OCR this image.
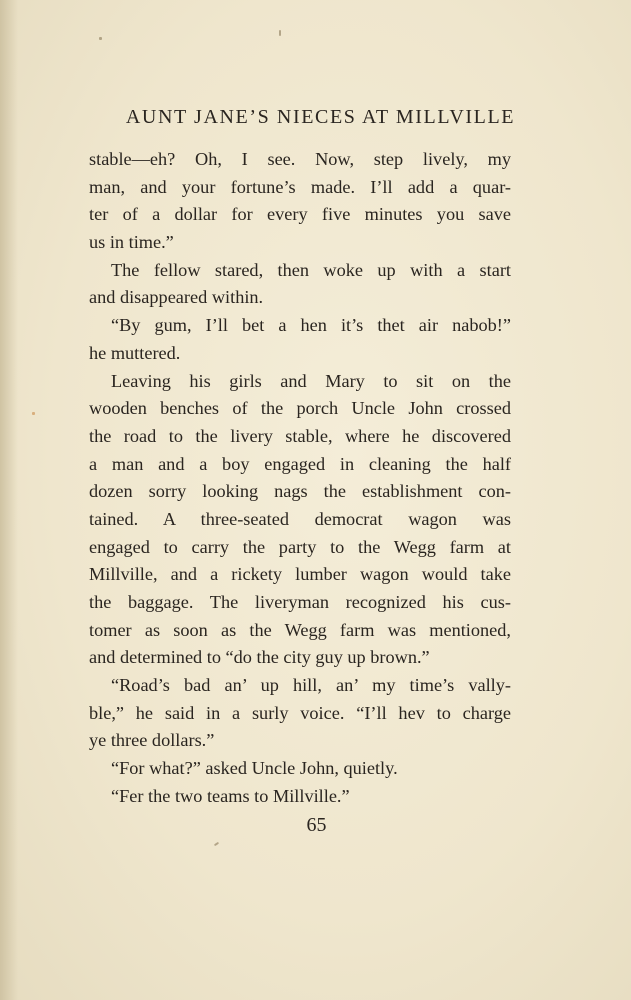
AUNT JANE’S NIECES AT MILLVILLE
stable—eh? Oh, I see. Now, step lively, my
man, and your fortune’s made. I’ll add a quar-
ter of a dollar for every five minutes you save
us in time.”
The fellow stared, then woke up with a start
and disappeared within.
“By gum, I’ll bet a hen it’s thet air nabob!”
he muttered.
Leaving his girls and Mary to sit on the
wooden benches of the porch Uncle John crossed
the road to the livery stable, where he discovered
a man and a boy engaged in cleaning the half
dozen sorry looking nags the establishment con-
tained. A three-seated democrat wagon was
engaged to carry the party to the Wegg farm at
Millville, and a rickety lumber wagon would take
the baggage. The liveryman recognized his cus-
tomer as soon as the Wegg farm was mentioned,
and determined to “do the city guy up brown.”
“Road’s bad an’ up hill, an’ my time’s vally-
ble,” he said in a surly voice. “I’ll hev to charge
ye three dollars.”
“For what?” asked Uncle John, quietly.
“Fer the two teams to Millville.”
65
